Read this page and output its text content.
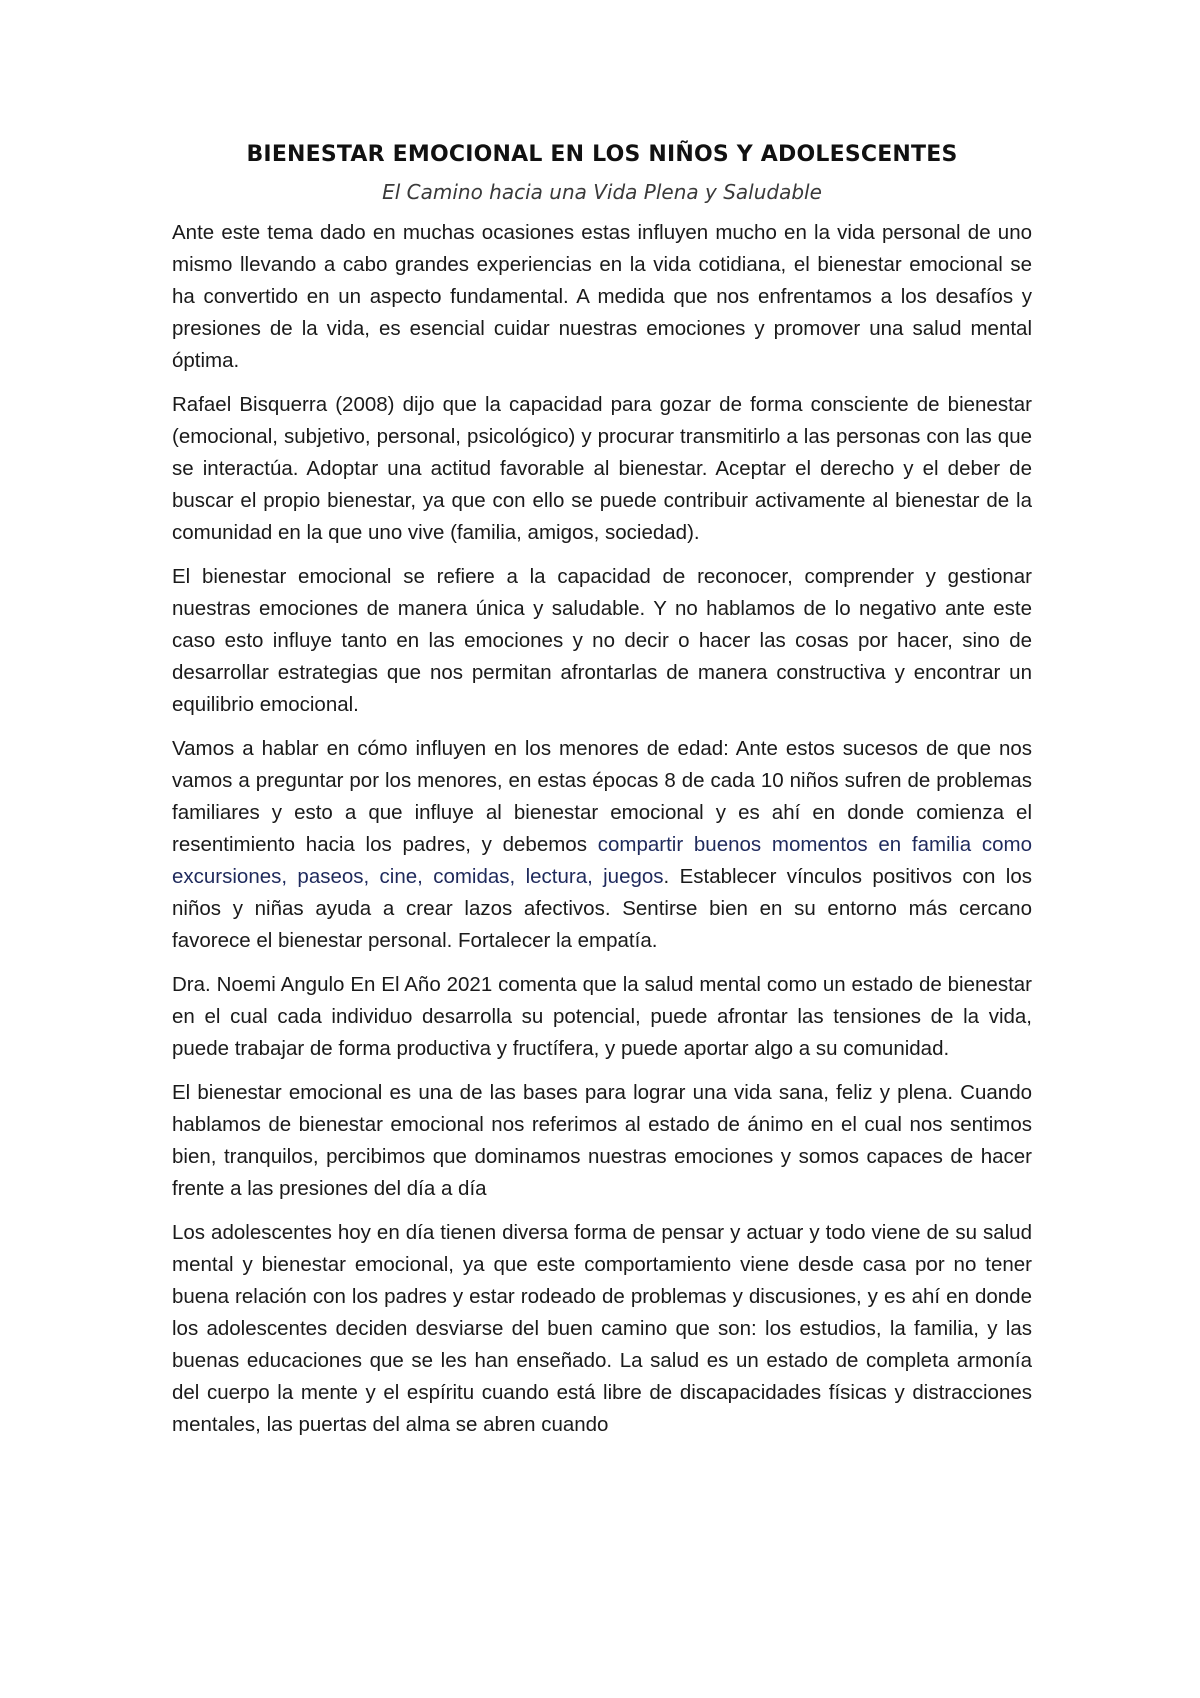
BIENESTAR EMOCIONAL EN LOS NIÑOS Y ADOLESCENTES
El Camino hacia una Vida Plena y Saludable

Ante este tema dado en muchas ocasiones estas influyen mucho en la vida personal de uno mismo llevando a cabo grandes experiencias en la vida cotidiana, el bienestar emocional se ha convertido en un aspecto fundamental. A medida que nos enfrentamos a los desafíos y presiones de la vida, es esencial cuidar nuestras emociones y promover una salud mental óptima.

Rafael Bisquerra (2008) dijo que la capacidad para gozar de forma consciente de bienestar (emocional, subjetivo, personal, psicológico) y procurar transmitirlo a las personas con las que se interactúa. Adoptar una actitud favorable al bienestar. Aceptar el derecho y el deber de buscar el propio bienestar, ya que con ello se puede contribuir activamente al bienestar de la comunidad en la que uno vive (familia, amigos, sociedad).

El bienestar emocional se refiere a la capacidad de reconocer, comprender y gestionar nuestras emociones de manera única y saludable. Y no hablamos de lo negativo ante este caso esto influye tanto en las emociones y no decir o hacer las cosas por hacer, sino de desarrollar estrategias que nos permitan afrontarlas de manera constructiva y encontrar un equilibrio emocional.

Vamos a hablar en cómo influyen en los menores de edad: Ante estos sucesos de que nos vamos a preguntar por los menores, en estas épocas 8 de cada 10 niños sufren de problemas familiares y esto a que influye al bienestar emocional y es ahí en donde comienza el resentimiento hacia los padres, y debemos compartir buenos momentos en familia como excursiones, paseos, cine, comidas, lectura, juegos. Establecer vínculos positivos con los niños y niñas ayuda a crear lazos afectivos. Sentirse bien en su entorno más cercano favorece el bienestar personal. Fortalecer la empatía.

Dra. Noemi Angulo En El Año 2021 comenta que la salud mental como un estado de bienestar en el cual cada individuo desarrolla su potencial, puede afrontar las tensiones de la vida, puede trabajar de forma productiva y fructífera, y puede aportar algo a su comunidad.

El bienestar emocional es una de las bases para lograr una vida sana, feliz y plena. Cuando hablamos de bienestar emocional nos referimos al estado de ánimo en el cual nos sentimos bien, tranquilos, percibimos que dominamos nuestras emociones y somos capaces de hacer frente a las presiones del día a día

Los adolescentes hoy en día tienen diversa forma de pensar y actuar y todo viene de su salud mental y bienestar emocional, ya que este comportamiento viene desde casa por no tener buena relación con los padres y estar rodeado de problemas y discusiones, y es ahí en donde los adolescentes deciden desviarse del buen camino que son: los estudios, la familia, y las buenas educaciones que se les han enseñado. La salud es un estado de completa armonía del cuerpo la mente y el espíritu cuando está libre de discapacidades físicas y distracciones mentales, las puertas del alma se abren cuando
